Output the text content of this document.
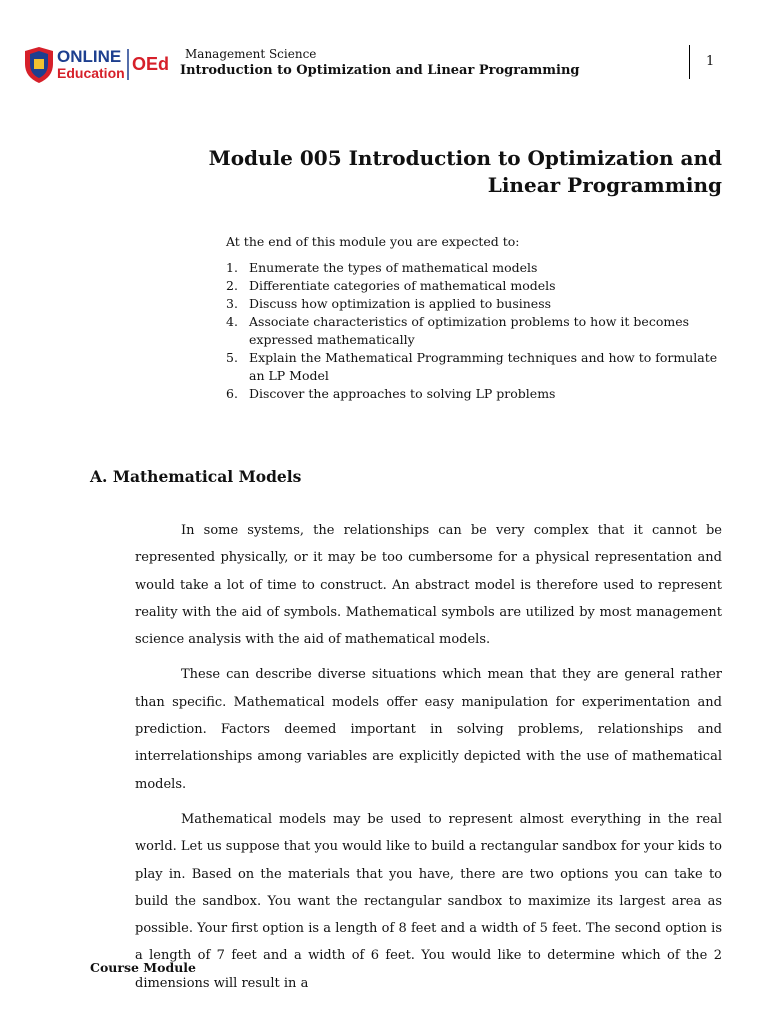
ONLINE
Education OEd Management Science
Introduction to Optimization and Linear Programming
1
Module 005 Introduction to Optimization and Linear Programming
At the end of this module you are expected to:
1. Enumerate the types of mathematical models
2. Differentiate categories of mathematical models
3. Discuss how optimization is applied to business
4. Associate characteristics of optimization problems to how it becomes expressed mathematically
5. Explain the Mathematical Programming techniques and how to formulate an LP Model
6. Discover the approaches to solving LP problems
A. Mathematical Models

In some systems, the relationships can be very complex that it cannot be represented physically, or it may be too cumbersome for a physical representation and would take a lot of time to construct. An abstract model is therefore used to represent reality with the aid of symbols. Mathematical symbols are utilized by most management science analysis with the aid of mathematical models.

These can describe diverse situations which mean that they are general rather than specific. Mathematical models offer easy manipulation for experimentation and prediction. Factors deemed important in solving problems, relationships and interrelationships among variables are explicitly depicted with the use of mathematical models.

Mathematical models may be used to represent almost everything in the real world. Let us suppose that you would like to build a rectangular sandbox for your kids to play in. Based on the materials that you have, there are two options you can take to build the sandbox. You want the rectangular sandbox to maximize its largest area as possible. Your first option is a length of 8 feet and a width of 5 feet. The second option is a length of 7 feet and a width of 6 feet. You would like to determine which of the 2 dimensions will result in a

Course Module
